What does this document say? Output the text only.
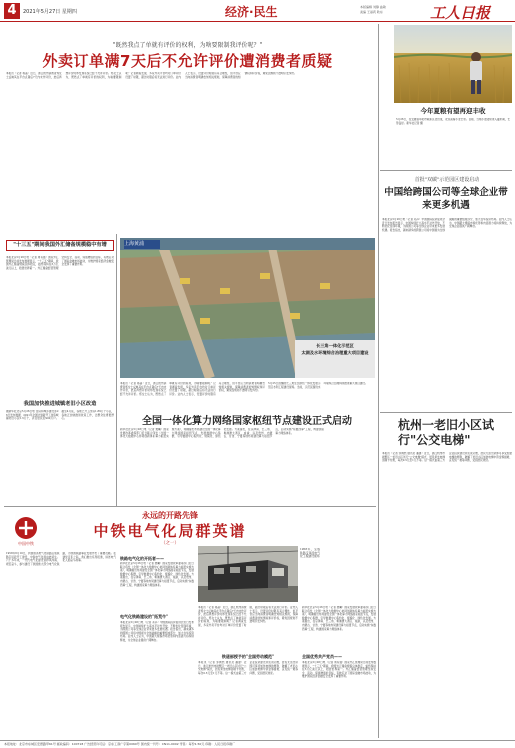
4	2021年5月27日 星期四	经济·民生	本版编辑 刘静 曲敏
美编 王丽莉 耿东	工人日报
"既然我点了单就有评价的权利，为啥要限制我评价呢？"
外卖订单满7天后不允许评价遭消费者质疑
本报讯（记者 蒋菡）近日，浙江杭州消费者郑女士反映其在平台点餐后7天内未作评价，此后再想评价时却发现系统已经不允许评价。郑女士认为，既然点了单就有评价的权利，为啥要限制呢？记者调查发现，多家外卖平台均对订单评价设置了时限，超过时限后将无法进行评价。业内人士表示，设置评价时限有其合理性，但平台应当向消费者明确告知相关规则，保障消费者的知情权和评价权，避免因规则不透明引发纠纷。
今年夏粮有望再迎丰收
5月26日，在安徽省阜阳市颍东区麦田里，农民查看小麦长势。目前，当地小麦陆续进入灌浆期，长势良好。新华社记者 摄
首批"双碳"示范园区建设启动
中国给跨国公司等全球企业带来更多机遇
本报北京5月26日电（记者 邓莎）中国国际投资促进会近日发布报告显示，中国持续扩大高水平对外开放，不断优化营商环境，为跨国公司等全球企业带来更多发展机遇。报告指出，越来越多的跨国公司将中国视为全球战略的重要组成部分，加大在华投资布局。业内人士认为，中国超大规模市场优势和内需潜力将持续释放，为全球企业提供广阔舞台。
杭州一老旧小区试行"公交电梯"
本报讯（记者 邹倜然 通讯员 潘建）近日，浙江杭州市拱墅区一老旧小区试行"公交电梯"模式，居民乘坐电梯需刷卡付费，每次0.5元至1元不等。这一模式由第三方企业投资建设并负责运维，居民无需出资即可享受加装电梯的便利，破解了老旧小区加装电梯中资金筹措难、意见统一难等问题，受到居民欢迎。
"十三五"期间我国外汇储备规模稳中有增
本报北京5月26日电（记者 周有强）国家外汇管理局日前发布数据显示，"十三五"期间，我国外汇储备规模总体稳定，始终保持在3万亿美元以上，稳居世界第一。外汇储备经营管理坚持安全、流动、保值增值的目标，有效应对了国际金融市场波动，为维护国家经济金融安全发挥了重要作用。
我国加快推进城镇老旧小区改造
据新华社北京5月26日电 住房和城乡建设部26日发布数据，2021年全国计划新开工改造城镇老旧小区5.3万个，涉及居民近900万户。截至4月底，各地已开工改造1.89万个小区，各地正加快推进改造工作，让群众住得更舒心。
上海黄浦
长三角一体化示范区
太湖及水环境综合治理重大项目建设
5月25日拍摄的长三角生态绿色一体化发展示范区水利工程建设现场。当前，示范区围绕水环境综合治理持续推进重大项目建设。
本报讯（记者 蒋菡）近日，浙江杭州消费者郑女士反映其在平台点餐后7天内未作评价，此后再想评价时却发现系统已经不允许评价。郑女士认为，既然点了单就有评价的权利，为啥要限制呢？记者调查发现，多家外卖平台均对订单评价设置了时限，超过时限后将无法进行评价。业内人士表示，设置评价时限有其合理性，但平台应当向消费者明确告知相关规则，保障消费者的知情权和评价权，避免因规则不透明引发纠纷。
全国一体化算力网络国家枢纽节点建设正式启动
新华社北京5月26日电（记者 樊曦）国家发展改革委等部门近日联合印发《全国一体化大数据中心协同创新体系算力枢纽实施方案》，明确提出布局建设全国一体化算力网络国家枢纽节点，发展数据中心集群，引导数据中心集约化、规模化、绿色化发展。方案提出，在京津冀、长三角、粤港澳大湾区、成渝，以及贵州、内蒙古、甘肃、宁夏等地布局建设算力枢纽节点，启动实施"东数西算"工程，构建国家算力网络体系。
永远的开路先锋
中国中铁
中铁电气化局群英谱
（之一）
1958年6月10日，我国首条电气化铁路宝成铁路宝凤段开工建设，中铁电气化局由此诞生。六十多年来，一代代电气化建设者栉风沐雨、艰苦奋斗，参与建设了我国绝大部分电气化铁路，为我国铁路事业发展作出了重要贡献。在建党百年之际，我们推出系列报道，讲述电气化人的奋斗故事。	铁路电气化的开拓者——
新华社北京5月26日电（记者 樊曦）国家发展改革委等部门近日联合印发《全国一体化大数据中心协同创新体系算力枢纽实施方案》，明确提出布局建设全国一体化算力网络国家枢纽节点，发展数据中心集群，引导数据中心集约化、规模化、绿色化发展。方案提出，在京津冀、长三角、粤港澳大湾区、成渝，以及贵州、内蒙古、甘肃、宁夏等地布局建设算力枢纽节点，启动实施"东数西算"工程，构建国家算力网络体系。
电气化铁路建设的"拓荒牛"
本报北京5月26日电（记者 邓莎）中国国际投资促进会近日发布报告显示，中国持续扩大高水平对外开放，不断优化营商环境，为跨国公司等全球企业带来更多发展机遇。报告指出，越来越多的跨国公司将中国视为全球战略的重要组成部分，加大在华投资布局。业内人士认为，中国超大规模市场优势和内需潜力将持续释放，为全球企业提供广阔舞台。
1958年，宝成铁路宝凤段电气化工程建设现场
本报讯（记者 蒋菡）近日，浙江杭州消费者郑女士反映其在平台点餐后7天内未作评价，此后再想评价时却发现系统已经不允许评价。郑女士认为，既然点了单就有评价的权利，为啥要限制呢？记者调查发现，多家外卖平台均对订单评价设置了时限，超过时限后将无法进行评价。业内人士表示，设置评价时限有其合理性，但平台应当向消费者明确告知相关规则，保障消费者的知情权和评价权，避免因规则不透明引发纠纷。
铁道部授予的"全国劳动模范"
本报讯（记者 邹倜然 通讯员 潘建）近日，浙江杭州市拱墅区一老旧小区试行"公交电梯"模式，居民乘坐电梯需刷卡付费，每次0.5元至1元不等。这一模式由第三方企业投资建设并负责运维，居民无需出资即可享受加装电梯的便利，破解了老旧小区加装电梯中资金筹措难、意见统一难等问题，受到居民欢迎。
新华社北京5月26日电（记者 樊曦）国家发展改革委等部门近日联合印发《全国一体化大数据中心协同创新体系算力枢纽实施方案》，明确提出布局建设全国一体化算力网络国家枢纽节点，发展数据中心集群，引导数据中心集约化、规模化、绿色化发展。方案提出，在京津冀、长三角、粤港澳大湾区、成渝，以及贵州、内蒙古、甘肃、宁夏等地布局建设算力枢纽节点，启动实施"东数西算"工程，构建国家算力网络体系。
全国优秀共产党员——
本报北京5月26日电（记者 周有强）国家外汇管理局日前发布数据显示，"十三五"期间，我国外汇储备规模总体稳定，始终保持在3万亿美元以上，稳居世界第一。外汇储备经营管理坚持安全、流动、保值增值的目标，有效应对了国际金融市场波动，为维护国家经济金融安全发挥了重要作用。
本报地址：北京市东城区安德路甲61号 邮政编码：100718 广告经营许可证：京东工商广字第0060号 国内统一刊号：CN11-0002 零售：每份1.50元 印刷：人民日报印刷厂
